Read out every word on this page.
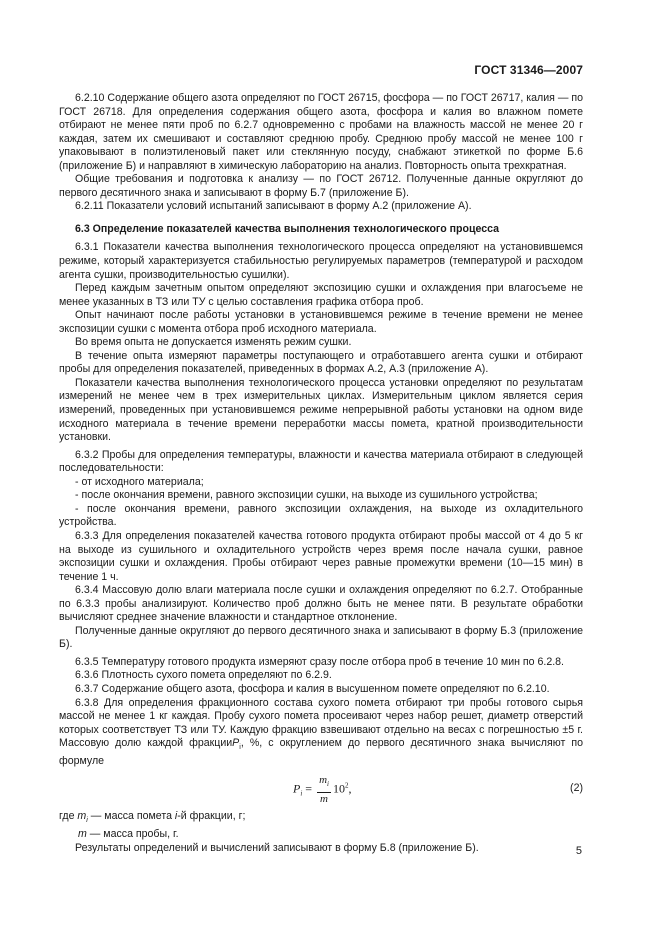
ГОСТ 31346—2007

6.2.10 Содержание общего азота определяют по ГОСТ 26715, фосфора — по ГОСТ 26717, калия — по ГОСТ 26718. Для определения содержания общего азота, фосфора и калия во влажном помете отбирают не менее пяти проб по 6.2.7 одновременно с пробами на влажность массой не менее 20 г каждая, затем их смешивают и составляют среднюю пробу. Среднюю пробу массой не менее 100 г упаковывают в полиэтиленовый пакет или стеклянную посуду, снабжают этикеткой по форме Б.6 (приложение Б) и направляют в химическую лабораторию на анализ. Повторность опыта трехкратная.

Общие требования и подготовка к анализу — по ГОСТ 26712. Полученные данные округляют до первого десятичного знака и записывают в форму Б.7 (приложение Б).

6.2.11 Показатели условий испытаний записывают в форму А.2 (приложение А).

6.3 Определение показателей качества выполнения технологического процесса

6.3.1 Показатели качества выполнения технологического процесса определяют на установившемся режиме, который характеризуется стабильностью регулируемых параметров (температурой и расходом агента сушки, производительностью сушилки).

Перед каждым зачетным опытом определяют экспозицию сушки и охлаждения при влагосъеме не менее указанных в ТЗ или ТУ с целью составления графика отбора проб.

Опыт начинают после работы установки в установившемся режиме в течение времени не менее экспозиции сушки с момента отбора проб исходного материала.

Во время опыта не допускается изменять режим сушки.

В течение опыта измеряют параметры поступающего и отработавшего агента сушки и отбирают пробы для определения показателей, приведенных в формах А.2, А.3 (приложение А).

Показатели качества выполнения технологического процесса установки определяют по результатам измерений не менее чем в трех измерительных циклах. Измерительным циклом является серия измерений, проведенных при установившемся режиме непрерывной работы установки на одном виде исходного материала в течение времени переработки массы помета, кратной производительности установки.

6.3.2 Пробы для определения температуры, влажности и качества материала отбирают в следующей последовательности:

- от исходного материала;

- после окончания времени, равного экспозиции сушки, на выходе из сушильного устройства;

- после окончания времени, равного экспозиции охлаждения, на выходе из охладительного устройства.

6.3.3 Для определения показателей качества готового продукта отбирают пробы массой от 4 до 5 кг на выходе из сушильного и охладительного устройств через время после начала сушки, равное экспозиции сушки и охлаждения. Пробы отбирают через равные промежутки времени (10—15 мин) в течение 1 ч.

6.3.4 Массовую долю влаги материала после сушки и охлаждения определяют по 6.2.7. Отобранные по 6.3.3 пробы анализируют. Количество проб должно быть не менее пяти. В результате обработки вычисляют среднее значение влажности и стандартное отклонение.

Полученные данные округляют до первого десятичного знака и записывают в форму Б.3 (приложение Б).

6.3.5 Температуру готового продукта измеряют сразу после отбора проб в течение 10 мин по 6.2.8.

6.3.6 Плотность сухого помета определяют по 6.2.9.

6.3.7 Содержание общего азота, фосфора и калия в высушенном помете определяют по 6.2.10.

6.3.8 Для определения фракционного состава сухого помета отбирают три пробы готового сырья массой не менее 1 кг каждая. Пробу сухого помета просеивают через набор решет, диаметр отверстий которых соответствует ТЗ или ТУ. Каждую фракцию взвешивают отдельно на весах с погрешностью ±5 г. Массовую долю каждой фракцииP$_i$, %, с округлением до первого десятичного знака вычисляют по формуле

$P_i = \frac{m_i}{m} 10^2$,	(2)

где $m_i$ — масса помета i-й фракции, г;

m — масса пробы, г.

Результаты определений и вычислений записывают в форму Б.8 (приложение Б).	5
